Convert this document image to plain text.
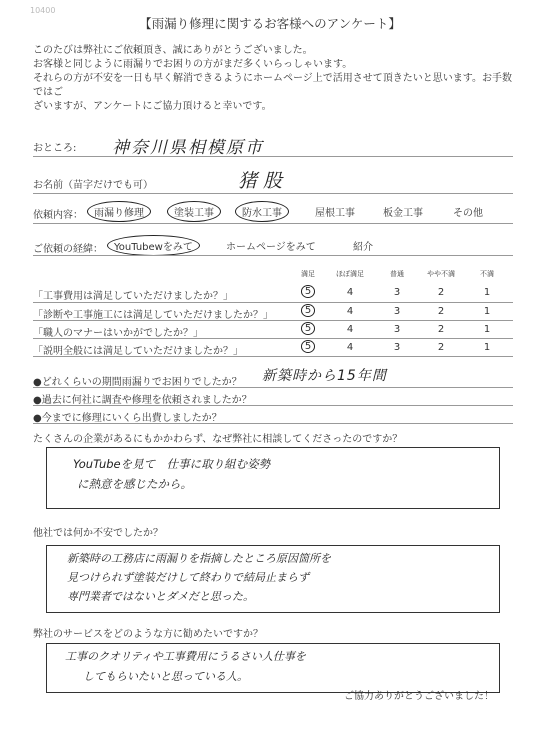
10400
【雨漏り修理に関するお客様へのアンケート】
このたびは弊社にご依頼頂き、誠にありがとうございました。
お客様と同じように雨漏りでお困りの方がまだ多くいらっしゃいます。
それらの方が不安を一日も早く解消できるようにホームページ上で活用させて頂きたいと思います。お手数ではご
ざいますが、アンケートにご協力頂けると幸いです。
おところ: 神奈川県相模原市
お名前（苗字だけでも可）	猪股
依頼内容：	雨漏り修理	塗装工事	防水工事	屋根工事	板金工事	その他
ご依頼の経緯：	YouTubewをみて	ホームページをみて	紹介
満足	ほぼ満足	普通	やや不満	不満
「工事費用は満足していただけましたか？」	5	4	3	2	1
「診断や工事施工には満足していただけましたか？」	5	4	3	2	1
「職人のマナーはいかがでしたか？」	5	4	3	2	1
「説明全般には満足していただけましたか？」	5	4	3	2	1
●どれくらいの期間雨漏りでお困りでしたか？ 新築時から15年間
●過去に何社に調査や修理を依頼されましたか？
●今までに修理にいくら出費しましたか？
たくさんの企業があるにもかかわらず、なぜ弊社に相談してくださったのですか？
YouTubeを見て　仕事に取り組む姿勢
に熱意を感じたから。
他社では何か不安でしたか？
新築時の工務店に雨漏りを指摘したところ原因箇所を
見つけられず塗装だけして終わりで結局止まらず
専門業者ではないとダメだと思った。
弊社のサービスをどのような方に勧めたいですか？
工事のクオリティや工事費用にうるさい人仕事を
してもらいたいと思っている人。
ご協力ありがとうございました！
